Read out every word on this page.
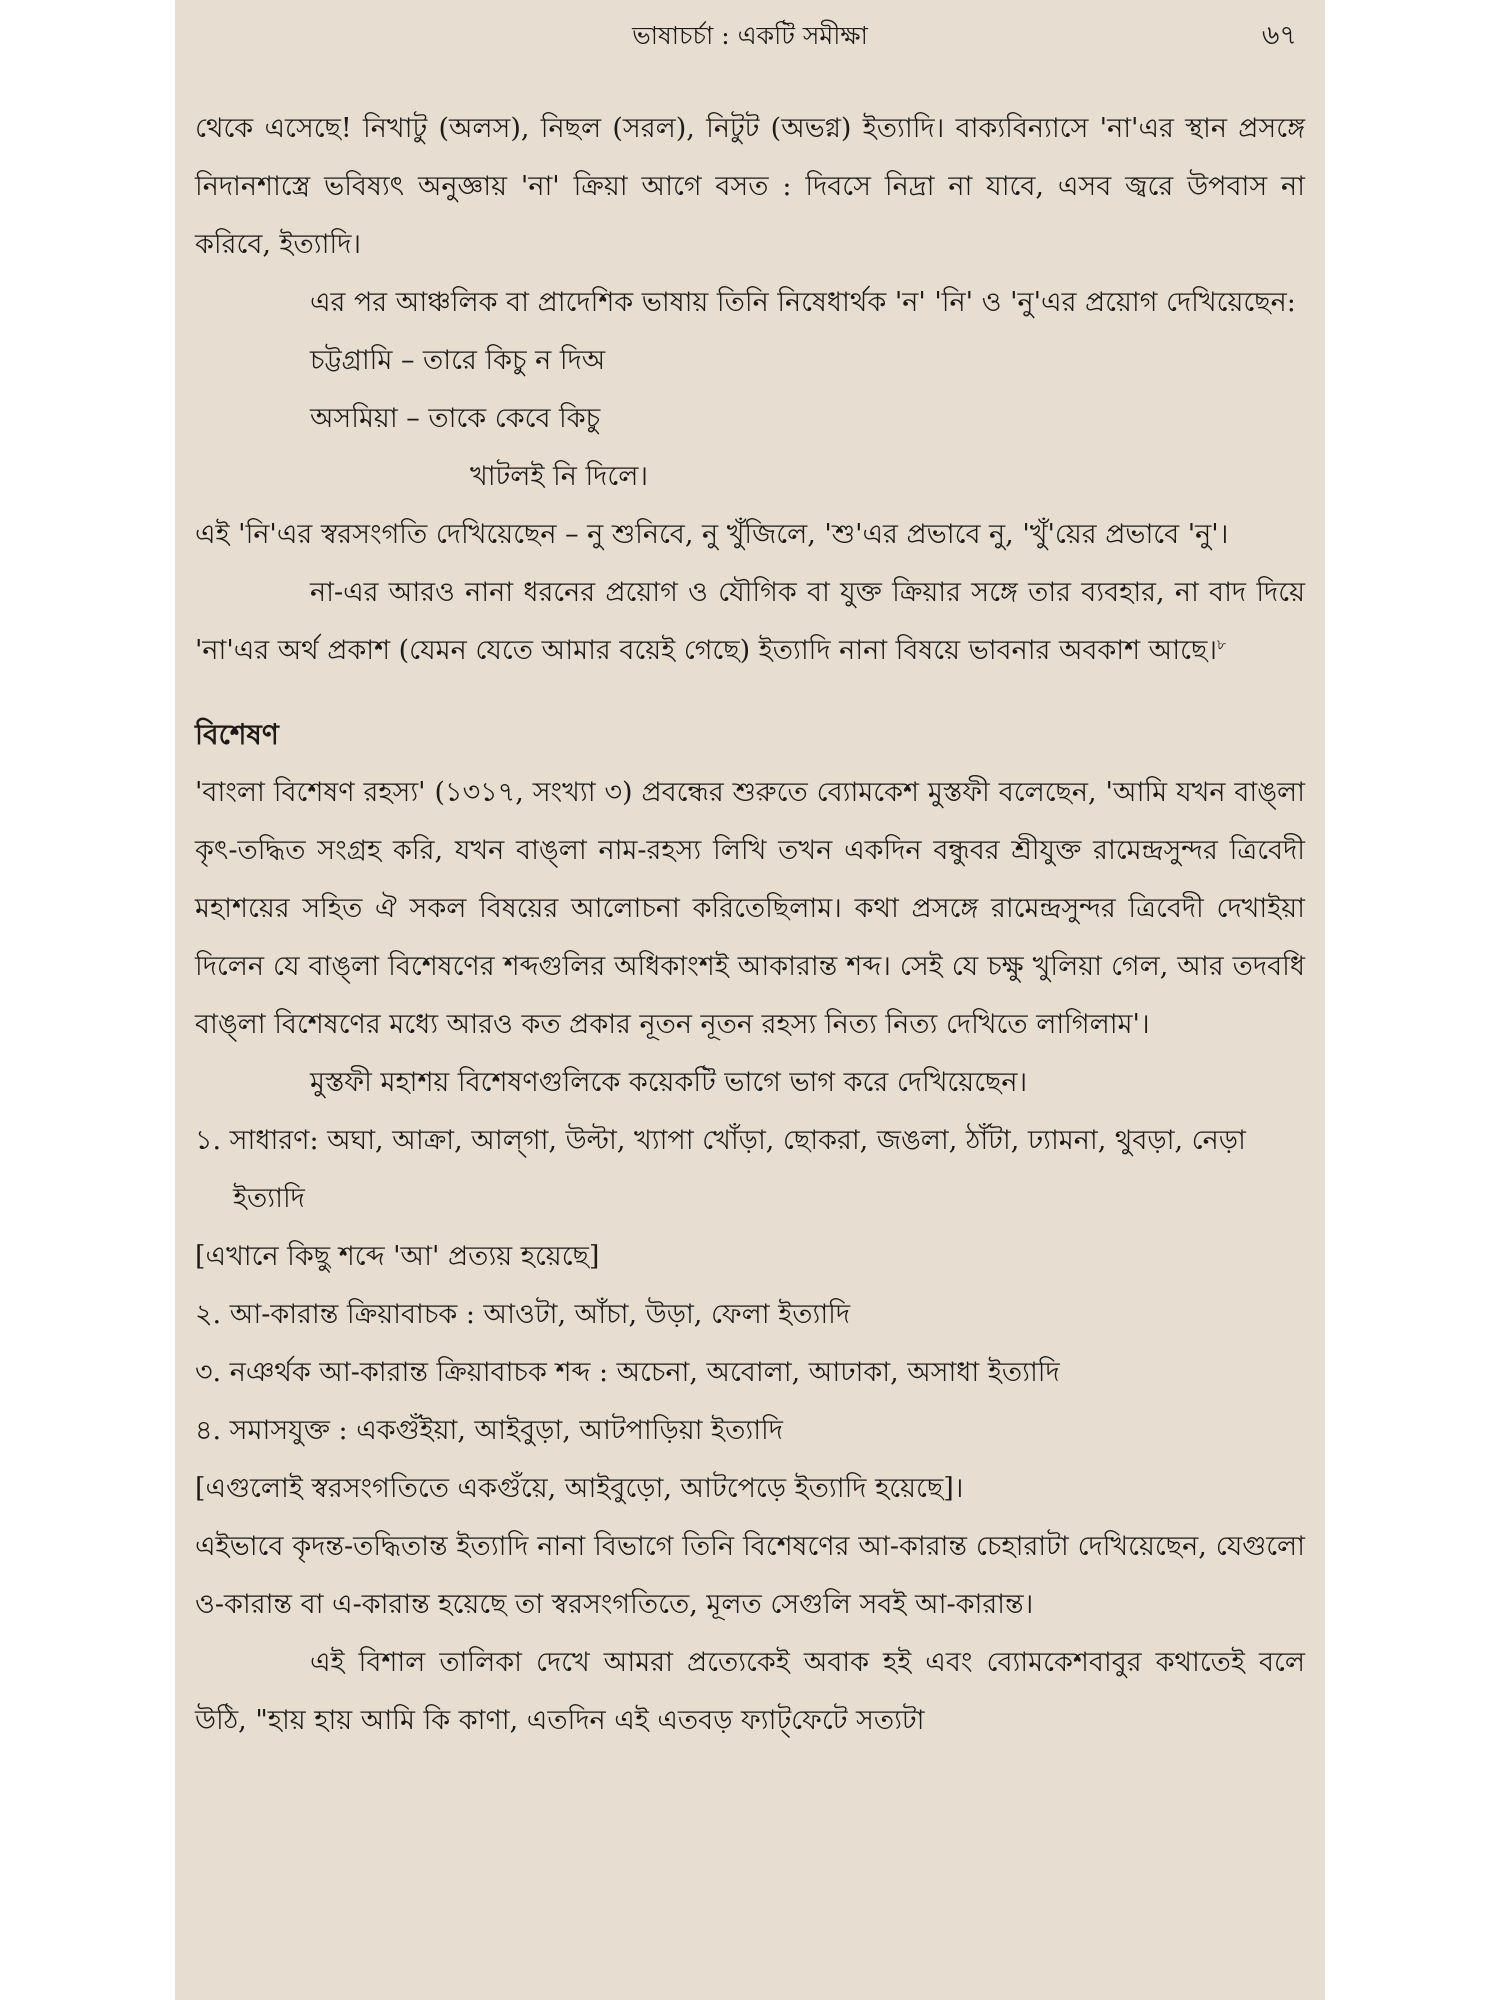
ভাষাচর্চা : একটি সমীক্ষা	৬৭

থেকে এসেছে! নিখাটু (অলস), নিছল (সরল), নিটুট (অভগ্ন) ইত্যাদি। বাক্যবিন্যাসে 'না'এর স্থান প্রসঙ্গে নিদানশাস্ত্রে ভবিষ্যৎ অনুজ্ঞায় 'না' ক্রিয়া আগে বসত : দিবসে নিদ্রা না যাবে, এসব জ্বরে উপবাস না করিবে, ইত্যাদি।

এর পর আঞ্চলিক বা প্রাদেশিক ভাষায় তিনি নিষেধার্থক 'ন' 'নি' ও 'নু'এর প্রয়োগ দেখিয়েছেন:

চট্টগ্রামি – তারে কিচু ন দিঅ
অসমিয়া – তাকে কেবে কিচু
খাটলই নি দিলে।

এই 'নি'এর স্বরসংগতি দেখিয়েছেন – নু শুনিবে, নু খুঁজিলে, 'শু'এর প্রভাবে নু, 'খুঁ'য়ের প্রভাবে 'নু'।

না-এর আরও নানা ধরনের প্রয়োগ ও যৌগিক বা যুক্ত ক্রিয়ার সঙ্গে তার ব্যবহার, না বাদ দিয়ে 'না'এর অর্থ প্রকাশ (যেমন যেতে আমার বয়েই গেছে) ইত্যাদি নানা বিষয়ে ভাবনার অবকাশ আছে।$^৮$

বিশেষণ

'বাংলা বিশেষণ রহস্য' (১৩১৭, সংখ্যা ৩) প্রবন্ধের শুরুতে ব্যোমকেশ মুস্তফী বলেছেন, 'আমি যখন বাঙ্‌লা কৃৎ-তদ্ধিত সংগ্রহ করি, যখন বাঙ্‌লা নাম-রহস্য লিখি তখন একদিন বন্ধুবর শ্রীযুক্ত রামেন্দ্রসুন্দর ত্রিবেদী মহাশয়ের সহিত ঐ সকল বিষয়ের আলোচনা করিতেছিলাম। কথা প্রসঙ্গে রামেন্দ্রসুন্দর ত্রিবেদী দেখাইয়া দিলেন যে বাঙ্‌লা বিশেষণের শব্দগুলির অধিকাংশই আকারান্ত শব্দ। সেই যে চক্ষু খুলিয়া গেল, আর তদবধি বাঙ্‌লা বিশেষণের মধ্যে আরও কত প্রকার নূতন নূতন রহস্য নিত্য নিত্য দেখিতে লাগিলাম'।

মুস্তফী মহাশয় বিশেষণগুলিকে কয়েকটি ভাগে ভাগ করে দেখিয়েছেন।

১. সাধারণ: অঘা, আক্রা, আল্‌গা, উল্টা, খ্যাপা খোঁড়া, ছোকরা, জঙলা, ঠাঁটা, ঢ্যামনা, থুবড়া, নেড়া ইত্যাদি
[এখানে কিছু শব্দে 'আ' প্রত্যয় হয়েছে]
২. আ-কারান্ত ক্রিয়াবাচক : আওটা, আঁচা, উড়া, ফেলা ইত্যাদি
৩. নঞর্থক আ-কারান্ত ক্রিয়াবাচক শব্দ : অচেনা, অবোলা, আঢাকা, অসাধা ইত্যাদি
৪. সমাসযুক্ত : একগুঁইয়া, আইবুড়া, আটপাড়িয়া ইত্যাদি
[এগুলোই স্বরসংগতিতে একগুঁয়ে, আইবুড়ো, আটপেড়ে ইত্যাদি হয়েছে]।

এইভাবে কৃদন্ত-তদ্ধিতান্ত ইত্যাদি নানা বিভাগে তিনি বিশেষণের আ-কারান্ত চেহারাটা দেখিয়েছেন, যেগুলো ও-কারান্ত বা এ-কারান্ত হয়েছে তা স্বরসংগতিতে, মূলত সেগুলি সবই আ-কারান্ত।

এই বিশাল তালিকা দেখে আমরা প্রত্যেকেই অবাক হই এবং ব্যোমকেশবাবুর কথাতেই বলে উঠি, "হায় হায় আমি কি কাণা, এতদিন এই এতবড় ফ্যাট্‌ফেটে সত্যটা
